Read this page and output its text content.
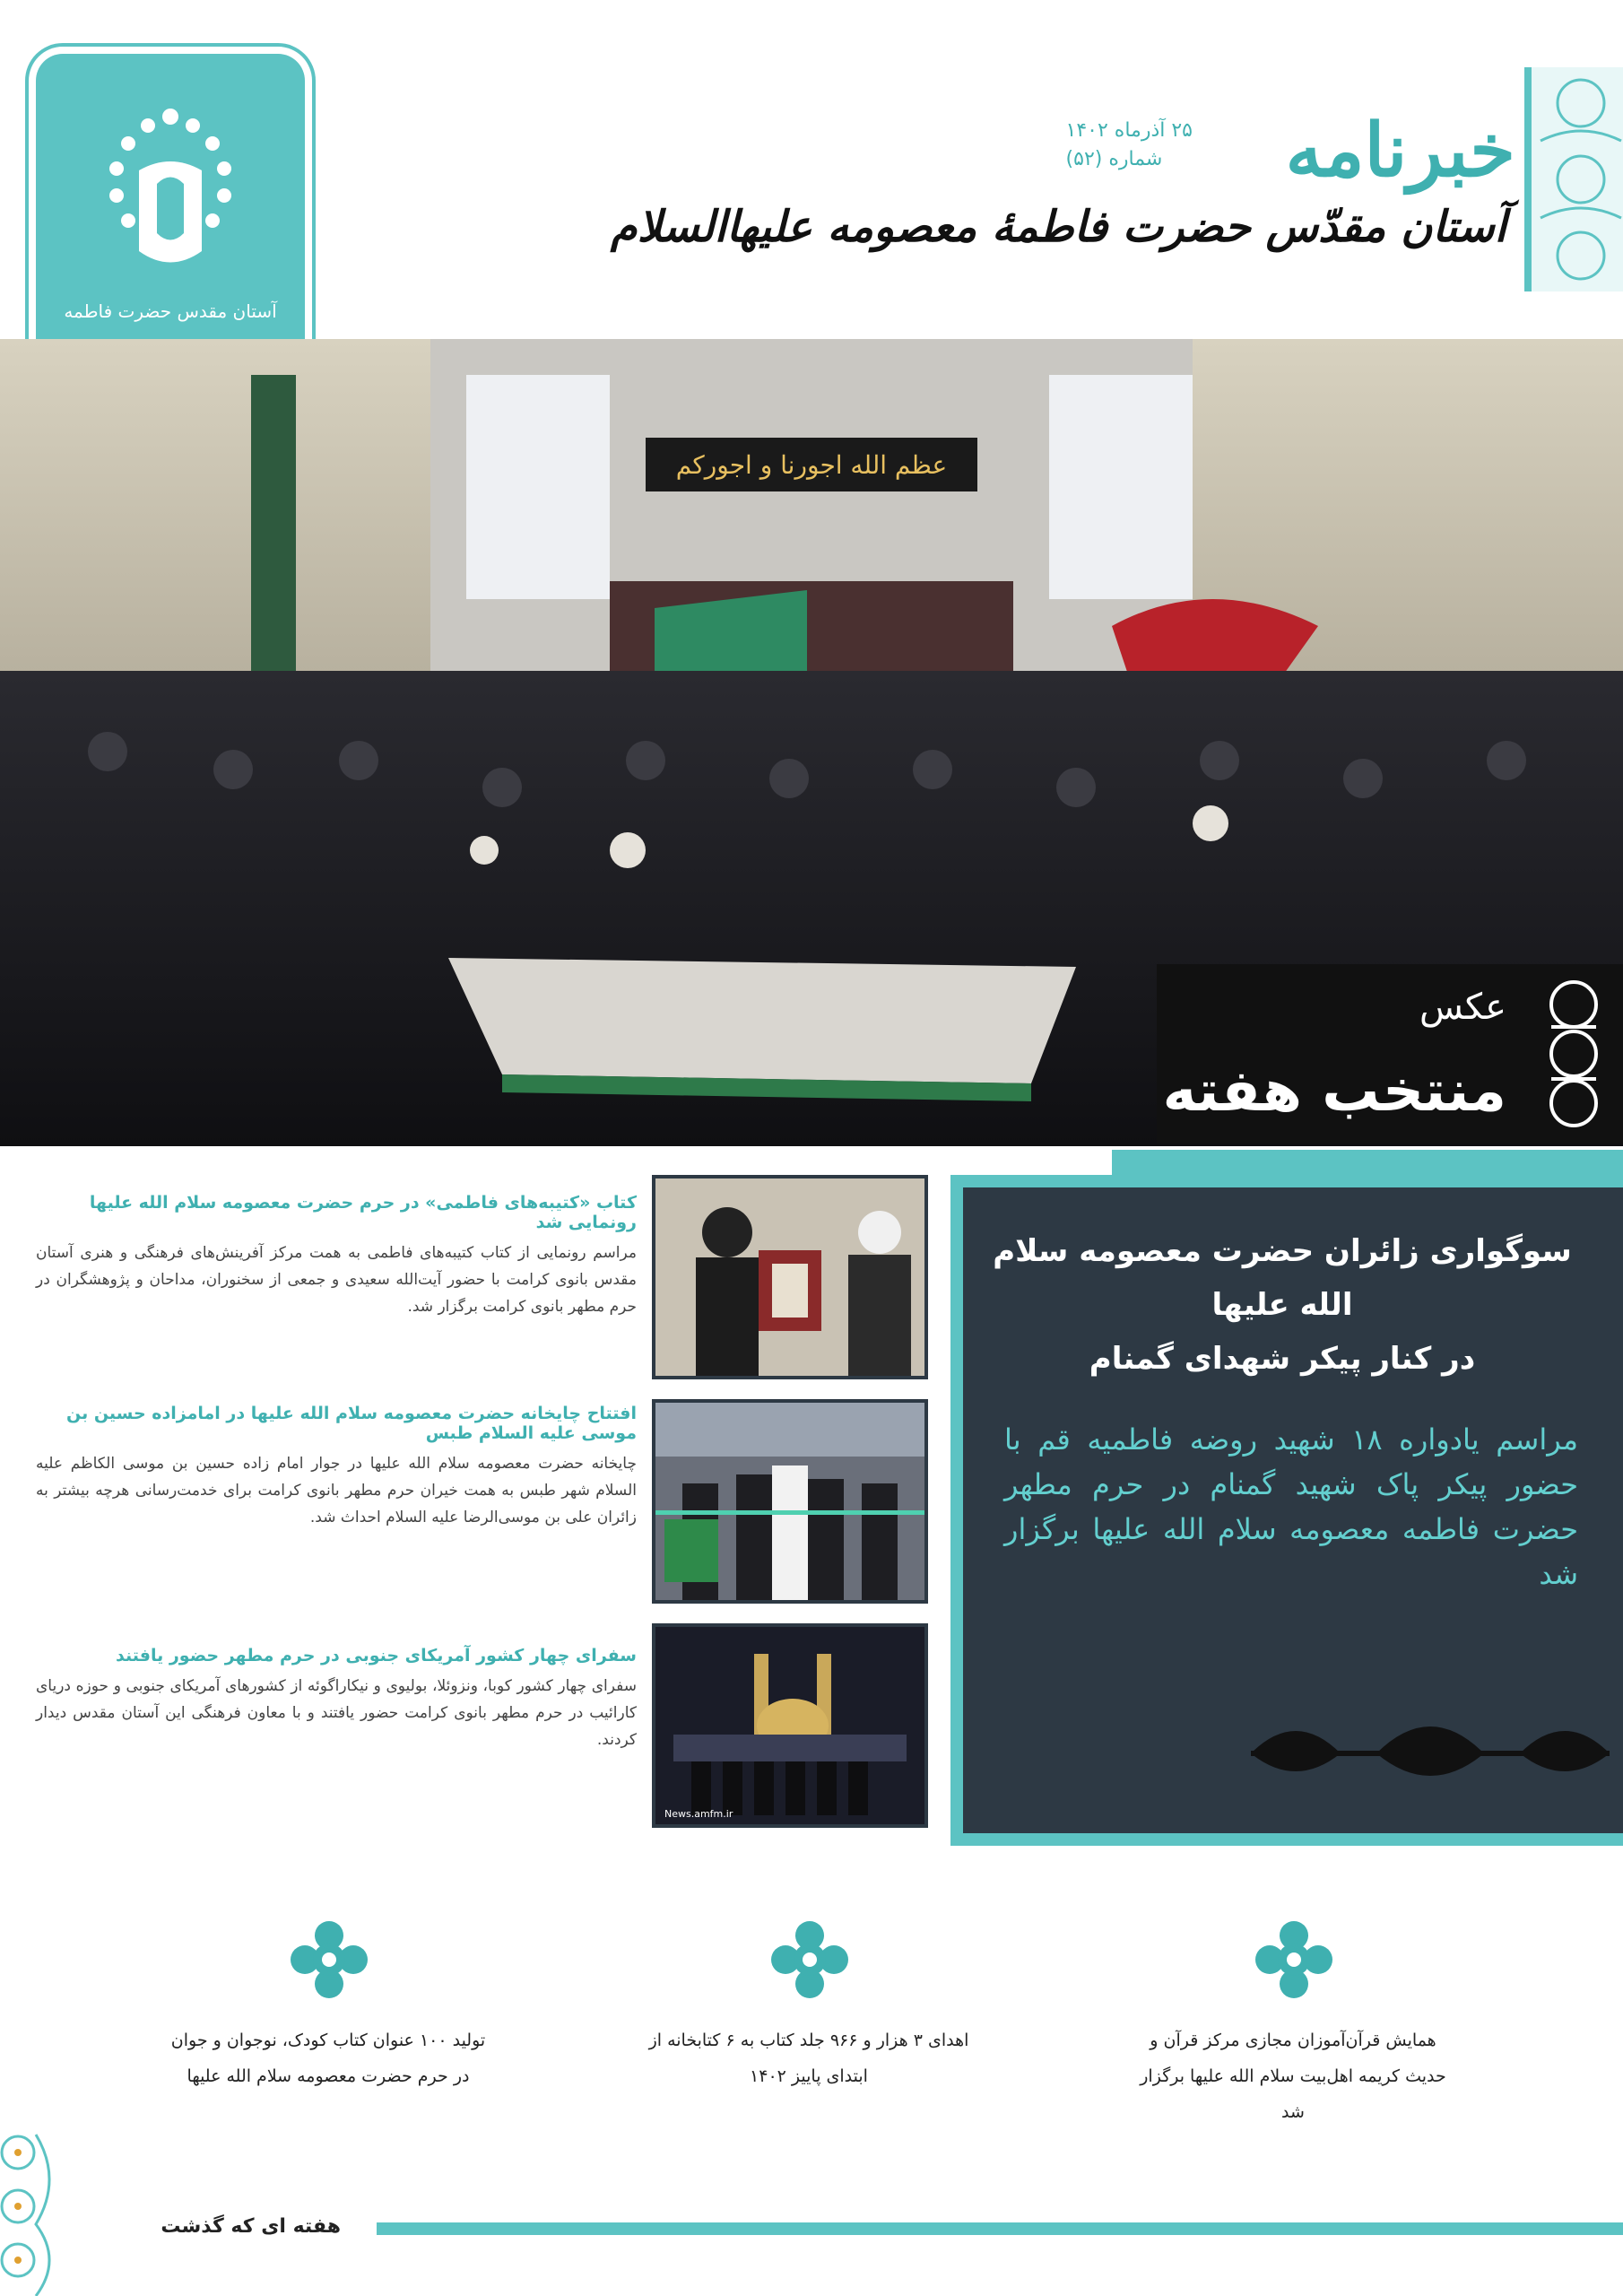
آستان مقدس حضرت فاطمه
خبرنامه
آستان مقدّس حضرت فاطمهٔ معصومه علیهاالسلام
۲۵ آذرماه ۱۴۰۲
شماره (۵۲)
عظم الله اجورنا و اجورکم
عکس
منتخب هفته
سوگواری زائران حضرت معصومه سلام الله علیها
در کنار پیکر شهدای گمنام
مراسم یادواره ۱۸ شهید روضه فاطمیه قم با حضور پیکر پاک شهید گمنام در حرم مطهر حضرت فاطمه معصومه سلام الله علیها برگزار شد
کتاب «کتیبه‌های فاطمی» در حرم حضرت معصومه سلام الله علیها رونمایی شد
مراسم رونمایی از کتاب کتیبه‌های فاطمی به همت مرکز آفرینش‌های فرهنگی و هنری آستان مقدس بانوی کرامت با حضور آیت‌الله سعیدی و جمعی از سخنوران، مداحان و پژوهشگران در حرم مطهر بانوی کرامت برگزار شد.
افتتاح چایخانه حضرت معصومه سلام الله علیها در امامزاده حسین بن موسی علیه السلام طبس
چایخانه حضرت معصومه سلام الله علیها در جوار امام زاده حسین بن موسی الکاظم علیه السلام شهر طبس به همت خیران حرم مطهر بانوی کرامت برای خدمت‌رسانی هرچه بیشتر به زائران علی بن موسی‌الرضا علیه السلام احداث شد.
News.amfm.ir
سفرای چهار کشور آمریکای جنوبی در حرم مطهر حضور یافتند
سفرای چهار کشور کوبا، ونزوئلا، بولیوی و نیکاراگوئه از کشورهای آمریکای جنوبی و حوزه دریای کارائیب در حرم مطهر بانوی کرامت حضور یافتند و با معاون فرهنگی این آستان مقدس دیدار کردند.
همایش قرآن‌آموزان مجازی مرکز قرآن و حدیث کریمه اهل‌بیت سلام الله علیها برگزار شد
اهدای ۳ هزار و ۹۶۶ جلد کتاب به ۶ کتابخانه از ابتدای پاییز ۱۴۰۲
تولید ۱۰۰ عنوان کتاب کودک، نوجوان و جوان در حرم حضرت معصومه سلام الله علیها
هفته ای که گذشت
